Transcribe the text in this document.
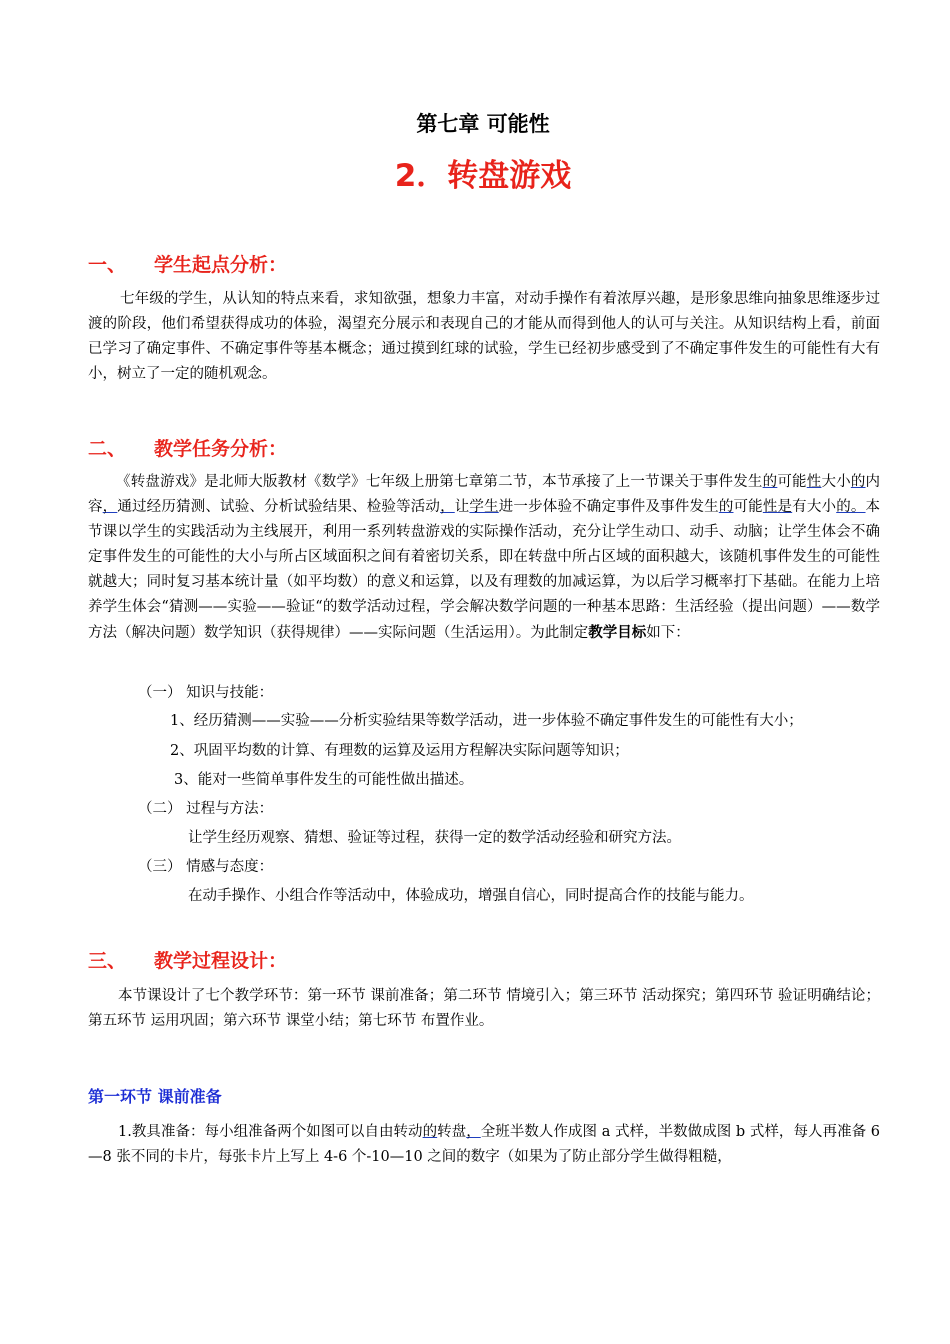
第七章 可能性
2．转盘游戏
一、 学生起点分析：

七年级的学生，从认知的特点来看，求知欲强，想象力丰富，对动手操作有着浓厚兴趣，是形象思维向抽象思维逐步过渡的阶段，他们希望获得成功的体验，渴望充分展示和表现自己的才能从而得到他人的认可与关注。从知识结构上看，前面已学习了确定事件、不确定事件等基本概念；通过摸到红球的试验，学生已经初步感受到了不确定事件发生的可能性有大有小，树立了一定的随机观念。

二、 教学任务分析：

《转盘游戏》是北师大版教材《数学》七年级上册第七章第二节，本节承接了上一节课关于事件发生的可能性大小的内容，通过经历猜测、试验、分析试验结果、检验等活动，让学生进一步体验不确定事件及事件发生的可能性是有大小的。本节课以学生的实践活动为主线展开，利用一系列转盘游戏的实际操作活动，充分让学生动口、动手、动脑；让学生体会不确定事件发生的可能性的大小与所占区域面积之间有着密切关系，即在转盘中所占区域的面积越大，该随机事件发生的可能性就越大；同时复习基本统计量（如平均数）的意义和运算，以及有理数的加减运算，为以后学习概率打下基础。在能力上培养学生体会“猜测——实验——验证“的数学活动过程，学会解决数学问题的一种基本思路：生活经验（提出问题）——数学方法（解决问题）数学知识（获得规律）——实际问题（生活运用）。为此制定教学目标如下：

（一） 知识与技能：
1、经历猜测——实验——分析实验结果等数学活动，进一步体验不确定事件发生的可能性有大小；
2、巩固平均数的计算、有理数的运算及运用方程解决实际问题等知识；
3、能对一些简单事件发生的可能性做出描述。
（二） 过程与方法：
让学生经历观察、猜想、验证等过程，获得一定的数学活动经验和研究方法。
（三） 情感与态度：
在动手操作、小组合作等活动中，体验成功，增强自信心，同时提高合作的技能与能力。
三、 教学过程设计：

本节课设计了七个教学环节：第一环节 课前准备；第二环节 情境引入；第三环节 活动探究；第四环节 验证明确结论；第五环节 运用巩固；第六环节 课堂小结；第七环节 布置作业。

第一环节 课前准备

1.教具准备：每小组准备两个如图可以自由转动的转盘，全班半数人作成图 a 式样，半数做成图 b 式样，每人再准备 6—8 张不同的卡片，每张卡片上写上 4-6 个-10—10 之间的数字（如果为了防止部分学生做得粗糙，
